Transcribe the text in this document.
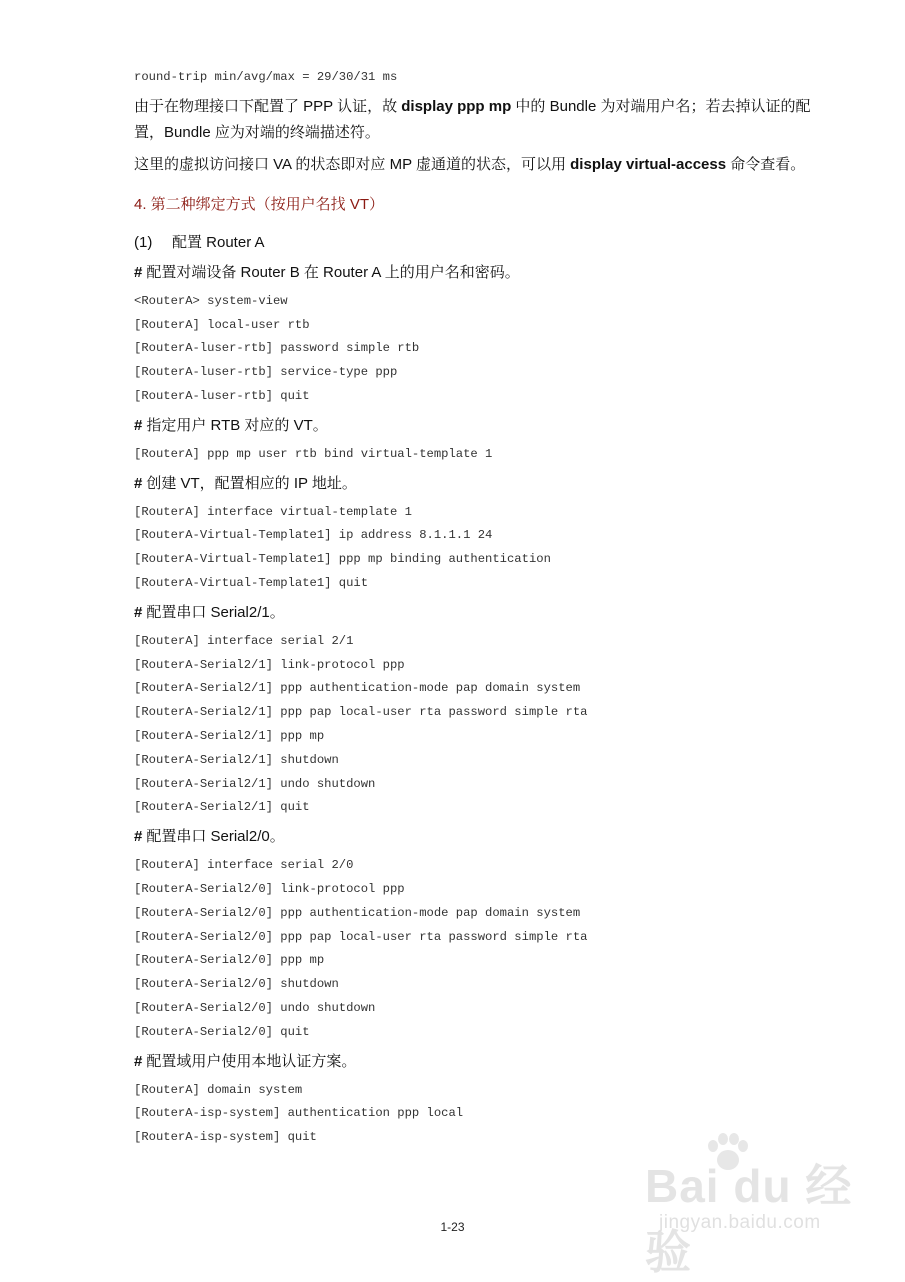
round-trip min/avg/max = 29/30/31 ms

由于在物理接口下配置了 PPP 认证，故 display ppp mp 中的 Bundle 为对端用户名；若去掉认证的配置，Bundle 应为对端的终端描述符。

这里的虚拟访问接口 VA 的状态即对应 MP 虚通道的状态，可以用 display virtual-access 命令查看。

4. 第二种绑定方式（按用户名找 VT）
(1) 配置 Router A
# 配置对端设备 Router B 在 Router A 上的用户名和密码。
<RouterA> system-view
[RouterA] local-user rtb
[RouterA-luser-rtb] password simple rtb
[RouterA-luser-rtb] service-type ppp
[RouterA-luser-rtb] quit
# 指定用户 RTB 对应的 VT。
[RouterA] ppp mp user rtb bind virtual-template 1
# 创建 VT，配置相应的 IP 地址。
[RouterA] interface virtual-template 1
[RouterA-Virtual-Template1] ip address 8.1.1.1 24
[RouterA-Virtual-Template1] ppp mp binding authentication
[RouterA-Virtual-Template1] quit
# 配置串口 Serial2/1。
[RouterA] interface serial 2/1
[RouterA-Serial2/1] link-protocol ppp
[RouterA-Serial2/1] ppp authentication-mode pap domain system
[RouterA-Serial2/1] ppp pap local-user rta password simple rta
[RouterA-Serial2/1] ppp mp
[RouterA-Serial2/1] shutdown
[RouterA-Serial2/1] undo shutdown
[RouterA-Serial2/1] quit
# 配置串口 Serial2/0。
[RouterA] interface serial 2/0
[RouterA-Serial2/0] link-protocol ppp
[RouterA-Serial2/0] ppp authentication-mode pap domain system
[RouterA-Serial2/0] ppp pap local-user rta password simple rta
[RouterA-Serial2/0] ppp mp
[RouterA-Serial2/0] shutdown
[RouterA-Serial2/0] undo shutdown
[RouterA-Serial2/0] quit
# 配置域用户使用本地认证方案。
[RouterA] domain system
[RouterA-isp-system] authentication ppp local
[RouterA-isp-system] quit
1-23
Bai du 经验
jingyan.baidu.com
